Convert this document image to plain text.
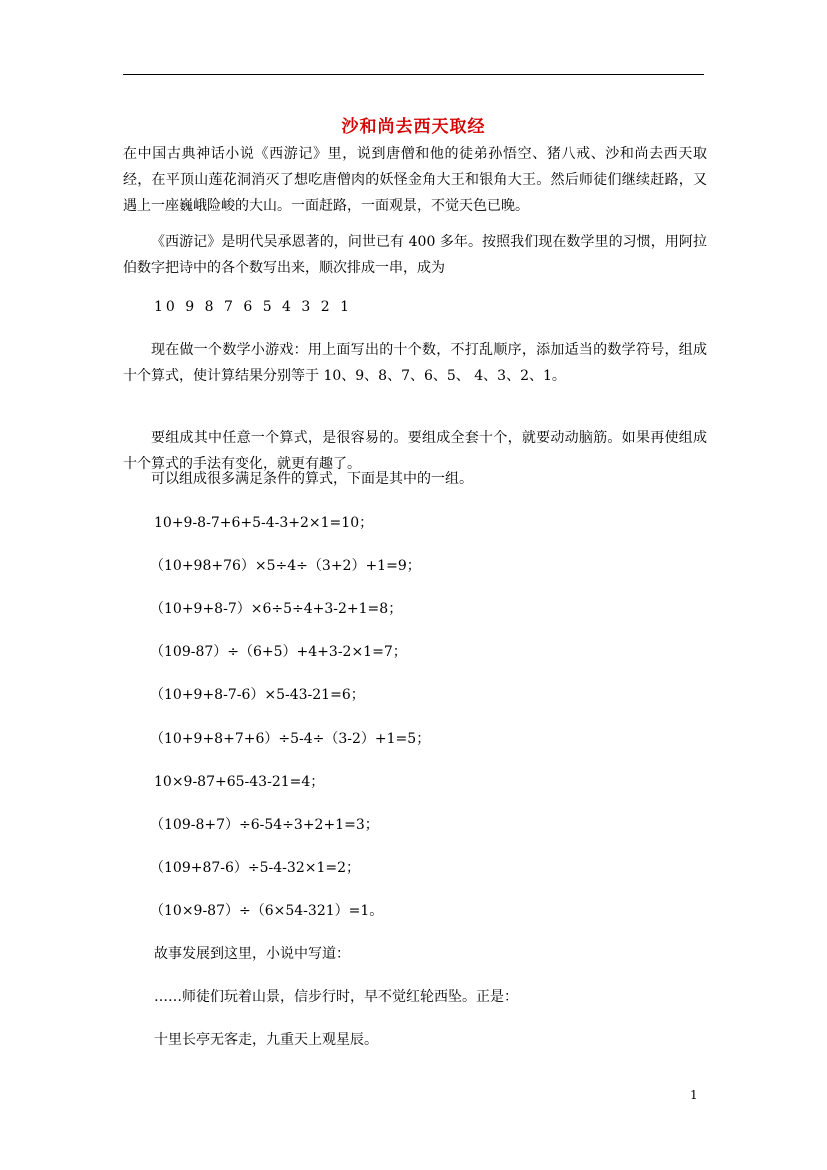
沙和尚去西天取经
在中国古典神话小说《西游记》里，说到唐僧和他的徒弟孙悟空、猪八戒、沙和尚去西天取经，在平顶山莲花洞消灭了想吃唐僧肉的妖怪金角大王和银角大王。然后师徒们继续赶路，又遇上一座巍峨险峻的大山。一面赶路，一面观景，不觉天色已晚。
《西游记》是明代吴承恩著的，问世已有 400 多年。按照我们现在数学里的习惯，用阿拉伯数字把诗中的各个数写出来，顺次排成一串，成为
10 9 8 7 6 5 4 3 2 1
现在做一个数学小游戏：用上面写出的十个数，不打乱顺序，添加适当的数学符号，组成十个算式，使计算结果分别等于 10、9、8、7、6、5、 4、3、2、1。
要组成其中任意一个算式，是很容易的。要组成全套十个，就要动动脑筋。如果再使组成十个算式的手法有变化，就更有趣了。
可以组成很多满足条件的算式，下面是其中的一组。
10+9-8-7+6+5-4-3+2×1=10；
（10+98+76）×5÷4÷（3+2）+1=9；
（10+9+8-7）×6÷5÷4+3-2+1=8；
（109-87）÷（6+5）+4+3-2×1=7；
（10+9+8-7-6）×5-43-21=6；
（10+9+8+7+6）÷5-4÷（3-2）+1=5；
10×9-87+65-43-21=4；
（109-8+7）÷6-54÷3+2+1=3；
（109+87-6）÷5-4-32×1=2；
（10×9-87）÷（6×54-321）=1。
故事发展到这里，小说中写道：
……师徒们玩着山景，信步行时，早不觉红轮西坠。正是：
十里长亭无客走，九重天上观星辰。
1
